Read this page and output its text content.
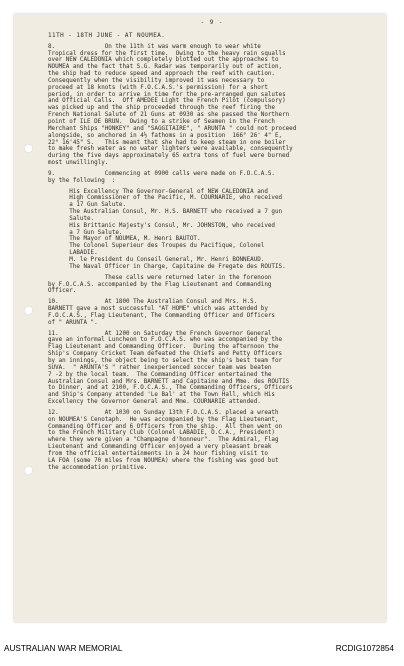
- 9 -
11TH - 18TH JUNE - AT NOUMEA.
8.              On the 11th it was warm enough to wear white
Tropical dress for the first time.  Owing to the heavy rain squalls
over NEW CALEDONIA which completely blotted out the approaches to
NOUMEA and the fact that S.G. Radar was temporarily out of action,
the ship had to reduce speed and approach the reef with caution.
Consequently when the visibility improved it was necessary to
proceed at 18 knots (with F.O.C.A.S.'s permission) for a short
period, in order to arrive in time for the pre-arranged gun salutes
and Official Calls.  Off AMEDEE Light the French Pilot (compulsory)
was picked up and the ship proceeded through the reef firing the
French National Salute of 21 Guns at 0930 as she passed the Northern
point of ILE DE BRUN.  Owing to a strike of Seamen in the French
Merchant Ships "HONKEY" and "SAGGITAIRE", " ARUNTA " could not proceed
alongside, so anchored in 4½ fathoms in a position  166° 26' 4" E,
22° 16'45" S.   This meant that she had to keep steam in one boiler
to make fresh water as no water lighters were available, consequently
during the five days approximately 65 extra tons of fuel were burned
most unwillingly.
9.              Commencing at 0900 calls were made on F.O.C.A.S.
by the following  :
His Excellency The Governor-General of NEW CALEDONIA and
High Commissioner of the Pacific, M. COURNARIE, who received
a 17 Gun Salute.
The Australian Consul, Mr. H.S. BARNETT who received a 7 gun
Salute.
His Brittanic Majesty's Consul, Mr. JOHNSTON, who received
a 7 Gun Salute.
The Mayor of NOUMEA, M. Henri BAUTOT.
The Colonel Superieur des Troupes du Pacifique, Colonel
LABADIE.
M. le President du Conseil General, Mr. Henri BONNEAUD.
The Naval Officer in Charge, Capitaine de Fregate des ROUTIS.
These calls were returned later in the forenoon
by F.O.C.A.S. accompanied by the Flag Lieutenant and Commanding
Officer.
10.             At 1800 The Australian Consul and Mrs. H.S.
BARNETT gave a most successful "AT HOME" which was attended by
F.O.C.A.S., Flag Lieutenant, The Commanding Officer and Officers
of " ARUNTA ".
11.             At 1200 on Saturday the French Governor General
gave an informal Luncheon to F.O.C.A.S. who was accompanied by the
Flag Lieutenant and Commanding Officer.  During the afternoon the
Ship's Company Cricket Team defeated the Chiefs and Petty Officers
by an innings, the object being to select the ship's best team for
SUVA.  " ARUNTA'S " rather inexperienced soccer team was beaten
7 -2 by the local team.  The Commanding Officer entertained the
Australian Consul and Mrs. BARNETT and Capitaine and Mme. des ROUTIS
to Dinner, and at 2100, F.O.C.A.S., The Commanding Officers, Officers
and Ship's Company attended 'Le Bal' at the Town Hall, which His
Excellency the Governor General and Mme. COURNARIE attended.
12.             At 1030 on Sunday 13th F.O.C.A.S. placed a wreath
on NOUMEA'S Cenotaph.  He was accompanied by the Flag Lieutenant,
Commanding Officer and 6 Officers from the ship.  All then went on
to the French Military Club (Colonel LABADIE, O.C.A., President)
where they were given a "Champagne d'honneur".  The Admiral, Flag
Lieutenant and Commanding Officer enjoyed a very pleasant break
from the official entertainments in a 24 hour fishing visit to
LA FOA (some 70 miles from NOUMEA) where the fishing was good but
the accommodation primitive.
AUSTRALIAN WAR MEMORIAL	RCDIG1072854
